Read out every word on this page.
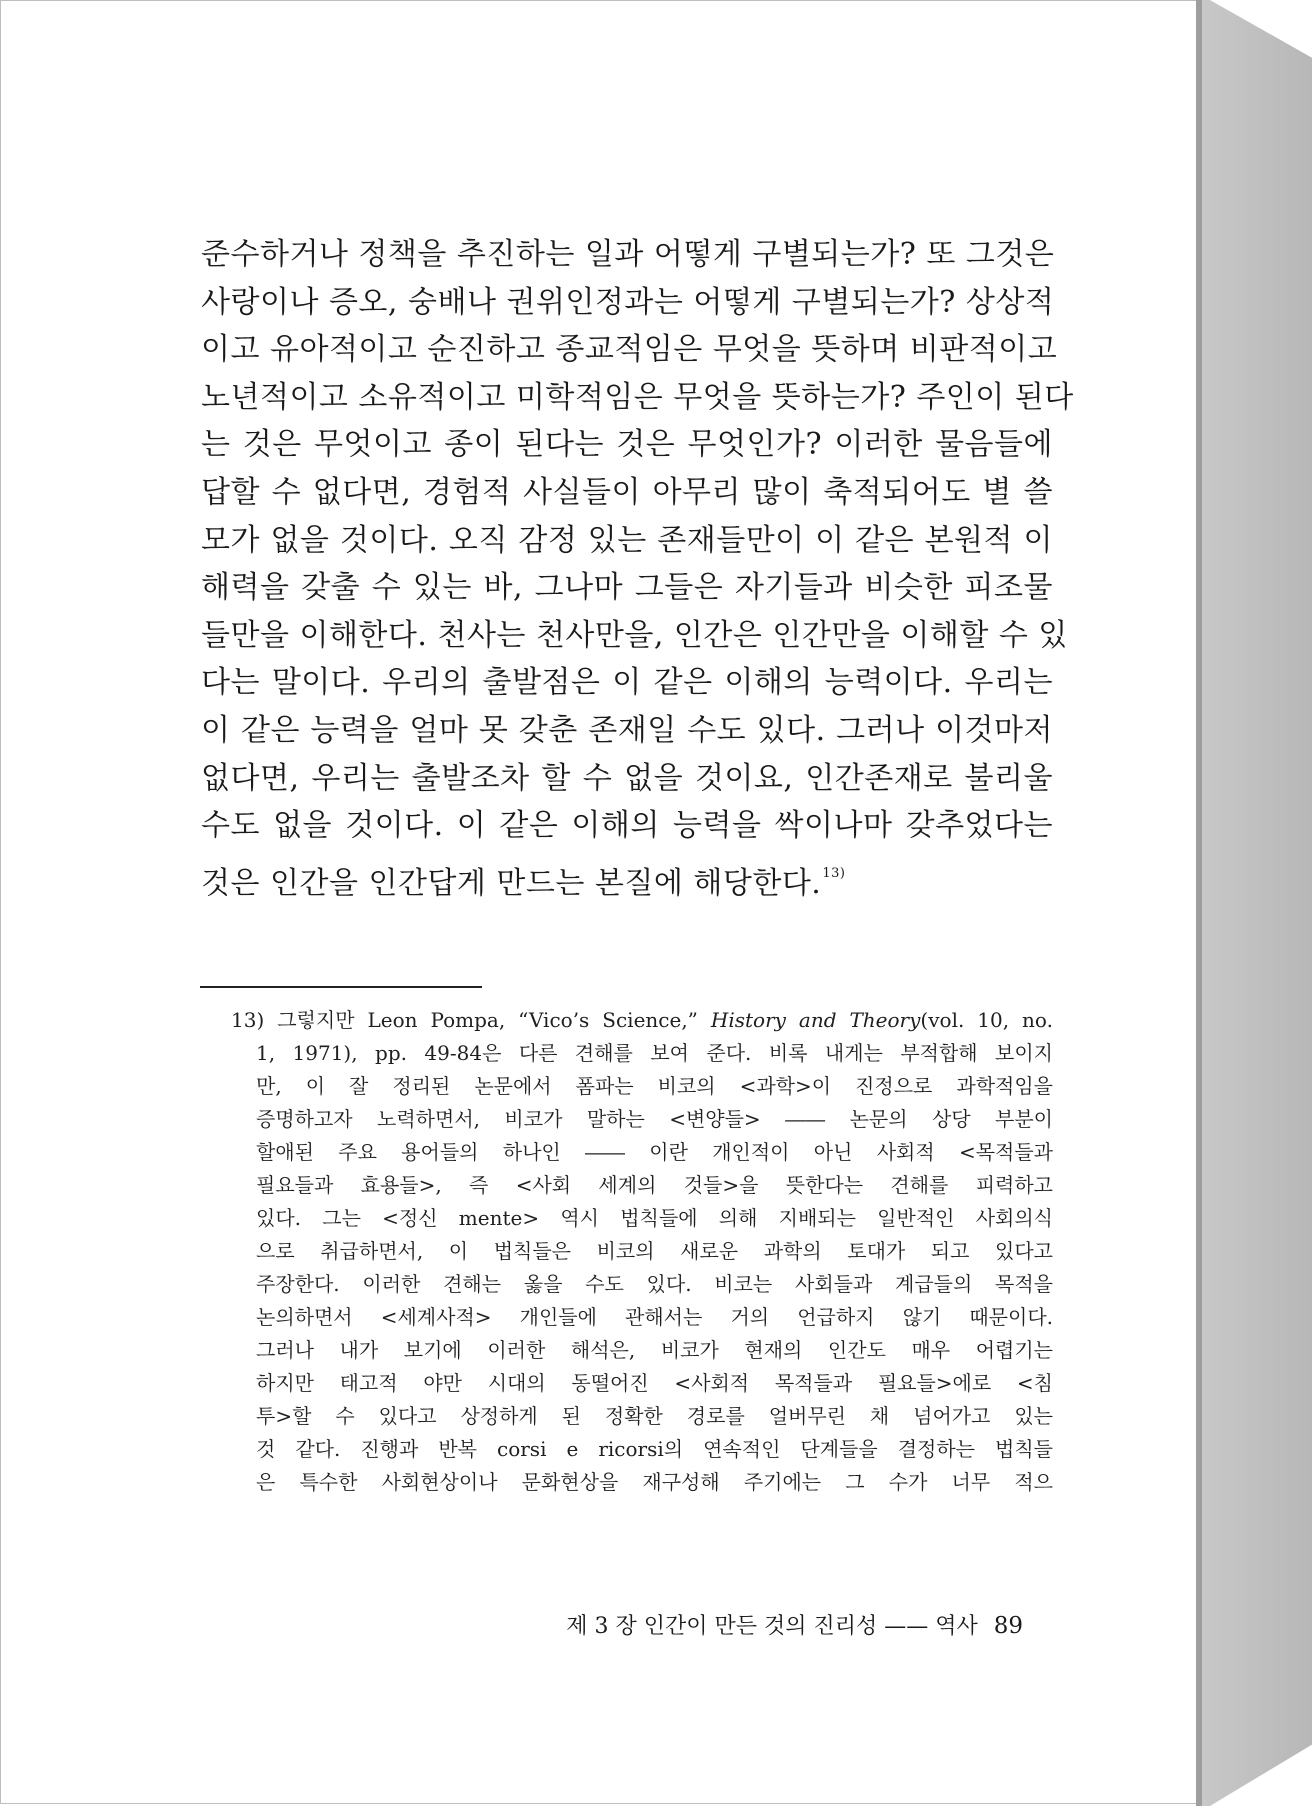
준수하거나 정책을 추진하는 일과 어떻게 구별되는가? 또 그것은
사랑이나 증오, 숭배나 권위인정과는 어떻게 구별되는가? 상상적
이고 유아적이고 순진하고 종교적임은 무엇을 뜻하며 비판적이고
노년적이고 소유적이고 미학적임은 무엇을 뜻하는가? 주인이 된다
는 것은 무엇이고 종이 된다는 것은 무엇인가? 이러한 물음들에
답할 수 없다면, 경험적 사실들이 아무리 많이 축적되어도 별 쓸
모가 없을 것이다. 오직 감정 있는 존재들만이 이 같은 본원적 이
해력을 갖출 수 있는 바, 그나마 그들은 자기들과 비슷한 피조물
들만을 이해한다. 천사는 천사만을, 인간은 인간만을 이해할 수 있
다는 말이다. 우리의 출발점은 이 같은 이해의 능력이다. 우리는
이 같은 능력을 얼마 못 갖춘 존재일 수도 있다. 그러나 이것마저
없다면, 우리는 출발조차 할 수 없을 것이요, 인간존재로 불리울
수도 없을 것이다. 이 같은 이해의 능력을 싹이나마 갖추었다는
것은 인간을 인간답게 만드는 본질에 해당한다.$^{13)}$
13) 그렇지만 Leon Pompa, “Vico’s Science,” History and Theory(vol. 10, no.
1, 1971), pp. 49-84은 다른 견해를 보여 준다. 비록 내게는 부적합해 보이지
만, 이 잘 정리된 논문에서 폼파는 비코의 <과학>이 진정으로 과학적임을
증명하고자 노력하면서, 비코가 말하는 <변양들> ―― 논문의 상당 부분이
할애된 주요 용어들의 하나인 ―― 이란 개인적이 아닌 사회적 <목적들과
필요들과 효용들>, 즉 <사회 세계의 것들>을 뜻한다는 견해를 피력하고
있다. 그는 <정신 mente> 역시 법칙들에 의해 지배되는 일반적인 사회의식
으로 취급하면서, 이 법칙들은 비코의 새로운 과학의 토대가 되고 있다고
주장한다. 이러한 견해는 옳을 수도 있다. 비코는 사회들과 계급들의 목적을
논의하면서 <세계사적> 개인들에 관해서는 거의 언급하지 않기 때문이다.
그러나 내가 보기에 이러한 해석은, 비코가 현재의 인간도 매우 어렵기는
하지만 태고적 야만 시대의 동떨어진 <사회적 목적들과 필요들>에로 <침
투>할 수 있다고 상정하게 된 정확한 경로를 얼버무린 채 넘어가고 있는
것 같다. 진행과 반복 corsi e ricorsi의 연속적인 단계들을 결정하는 법칙들
은 특수한 사회현상이나 문화현상을 재구성해 주기에는 그 수가 너무 적으
제 3 장 인간이 만든 것의 진리성 —— 역사 89
